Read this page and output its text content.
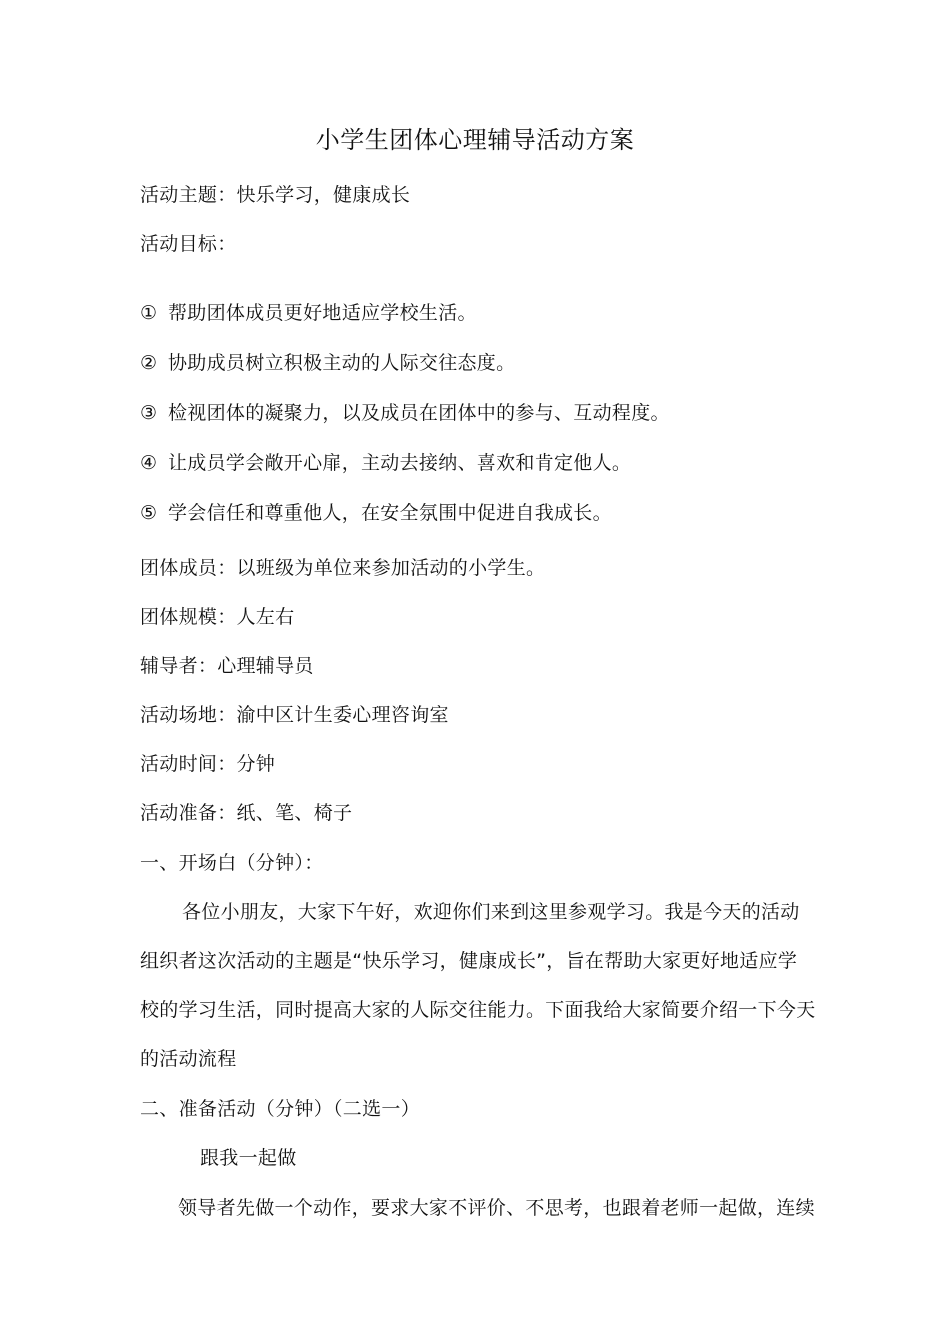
小学生团体心理辅导活动方案
活动主题：快乐学习，健康成长
活动目标：
① 帮助团体成员更好地适应学校生活。
② 协助成员树立积极主动的人际交往态度。
③ 检视团体的凝聚力，以及成员在团体中的参与、互动程度。
④ 让成员学会敞开心扉，主动去接纳、喜欢和肯定他人。
⑤ 学会信任和尊重他人，在安全氛围中促进自我成长。
团体成员：以班级为单位来参加活动的小学生。
团体规模：人左右
辅导者：心理辅导员
活动场地：渝中区计生委心理咨询室
活动时间：分钟
活动准备：纸、笔、椅子
一、开场白（分钟）：
各位小朋友，大家下午好，欢迎你们来到这里参观学习。我是今天的活动
组织者这次活动的主题是“快乐学习，健康成长”，旨在帮助大家更好地适应学
校的学习生活，同时提高大家的人际交往能力。下面我给大家简要介绍一下今天
的活动流程
二、准备活动（分钟）（二选一）
跟我一起做
领导者先做一个动作，要求大家不评价、不思考，也跟着老师一起做，连续
